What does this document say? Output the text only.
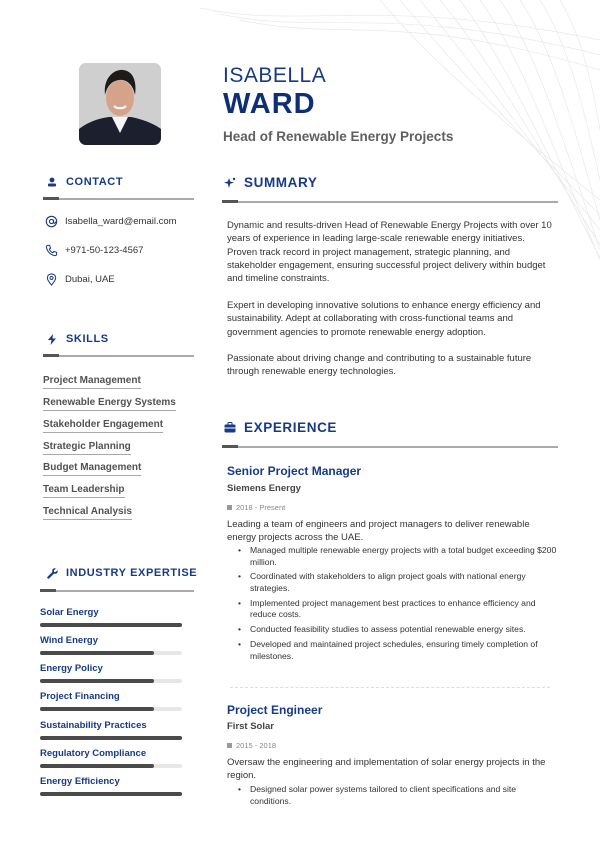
ISABELLA
WARD
Head of Renewable Energy Projects
CONTACT
Isabella_ward@email.com
+971-50-123-4567
Dubai, UAE
SKILLS
Project Management
Renewable Energy Systems
Stakeholder Engagement
Strategic Planning
Budget Management
Team Leadership
Technical Analysis
INDUSTRY EXPERTISE
Solar Energy
Wind Energy
Energy Policy
Project Financing
Sustainability Practices
Regulatory Compliance
Energy Efficiency
SUMMARY
Dynamic and results-driven Head of Renewable Energy Projects with over 10 years of experience in leading large-scale renewable energy initiatives. Proven track record in project management, strategic planning, and stakeholder engagement, ensuring successful project delivery within budget and timeline constraints.
Expert in developing innovative solutions to enhance energy efficiency and sustainability. Adept at collaborating with cross-functional teams and government agencies to promote renewable energy adoption.
Passionate about driving change and contributing to a sustainable future through renewable energy technologies.
EXPERIENCE
Senior Project Manager
Siemens Energy
2018 - Present
Leading a team of engineers and project managers to deliver renewable energy projects across the UAE.
• Managed multiple renewable energy projects with a total budget exceeding $200 million.
• Coordinated with stakeholders to align project goals with national energy strategies.
• Implemented project management best practices to enhance efficiency and reduce costs.
• Conducted feasibility studies to assess potential renewable energy sites.
• Developed and maintained project schedules, ensuring timely completion of milestones.
Project Engineer
First Solar
2015 - 2018
Oversaw the engineering and implementation of solar energy projects in the region.
• Designed solar power systems tailored to client specifications and site conditions.
